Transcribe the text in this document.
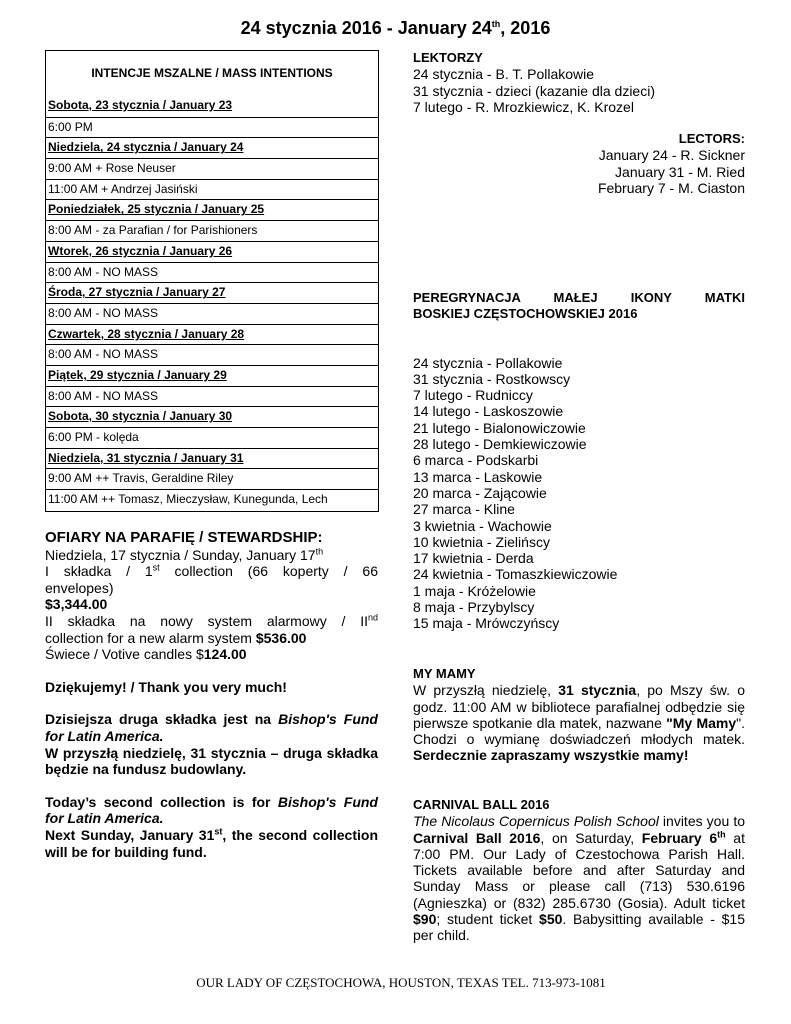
24 stycznia 2016 - January 24th, 2016
INTENCJE MSZALNE / MASS INTENTIONS
Sobota, 23 stycznia / January 23
6:00 PM
Niedziela, 24 stycznia / January 24
9:00 AM + Rose Neuser
11:00 AM + Andrzej Jasiński
Poniedziałek, 25 stycznia / January 25
8:00 AM - za Parafian / for Parishioners
Wtorek, 26 stycznia / January 26
8:00 AM - NO MASS
Środa, 27 stycznia / January 27
8:00 AM - NO MASS
Czwartek, 28 stycznia / January 28
8:00 AM - NO MASS
Piątek, 29 stycznia / January 29
8:00 AM - NO MASS
Sobota, 30 stycznia / January 30
6:00 PM - kolęda
Niedziela, 31 stycznia / January 31
9:00 AM ++ Travis, Geraldine Riley
11:00 AM ++ Tomasz, Mieczysław, Kunegunda, Lech

OFIARY NA PARAFIĘ / STEWARDSHIP:

Niedziela, 17 stycznia / Sunday, January 17th

I składka / 1st collection (66 koperty / 66

envelopes)

$3,344.00

II składka na nowy system alarmowy / IInd

collection for a new alarm system $536.00

Świece / Votive candles $124.00

Dziękujemy! / Thank you very much!

Dzisiejsza druga składka jest na Bishop's Fund for Latin America.

W przyszłą niedzielę, 31 stycznia – druga składka będzie na fundusz budowlany.

Today’s second collection is for Bishop's Fund for Latin America.

Next Sunday, January 31st, the second collection will be for building fund.

LEKTORZY

24 stycznia - B. T. Pollakowie

31 stycznia - dzieci (kazanie dla dzieci)

7 lutego - R. Mrozkiewicz, K. Krozel

LECTORS:

January 24 - R. Sickner

January 31 - M. Ried

February 7 - M. Ciaston

PEREGRYNACJA MAŁEJ IKONY MATKI

BOSKIEJ CZĘSTOCHOWSKIEJ 2016

24 stycznia - Pollakowie

31 stycznia - Rostkowscy

7 lutego - Rudniccy

14 lutego - Laskoszowie

21 lutego - Bialonowiczowie

28 lutego - Demkiewiczowie

6 marca - Podskarbi

13 marca - Laskowie

20 marca - Zającowie

27 marca - Kline

3 kwietnia - Wachowie

10 kwietnia - Zielińscy

17 kwietnia - Derda

24 kwietnia - Tomaszkiewiczowie

1 maja - Króżelowie

8 maja - Przybylscy

15 maja - Mrówczyńscy

MY MAMY

W przyszłą niedzielę, 31 stycznia, po Mszy św. o godz. 11:00 AM w bibliotece parafialnej odbędzie się pierwsze spotkanie dla matek, nazwane "My Mamy". Chodzi o wymianę doświadczeń młodych matek. Serdecznie zapraszamy wszystkie mamy!

CARNIVAL BALL 2016

The Nicolaus Copernicus Polish School invites you to Carnival Ball 2016, on Saturday, February 6th at 7:00 PM. Our Lady of Czestochowa Parish Hall. Tickets available before and after Saturday and Sunday Mass or please call (713) 530.6196 (Agnieszka) or (832) 285.6730 (Gosia). Adult ticket $90; student ticket $50. Babysitting available - $15 per child.

OUR LADY OF CZĘSTOCHOWA, HOUSTON, TEXAS TEL. 713-973-1081
